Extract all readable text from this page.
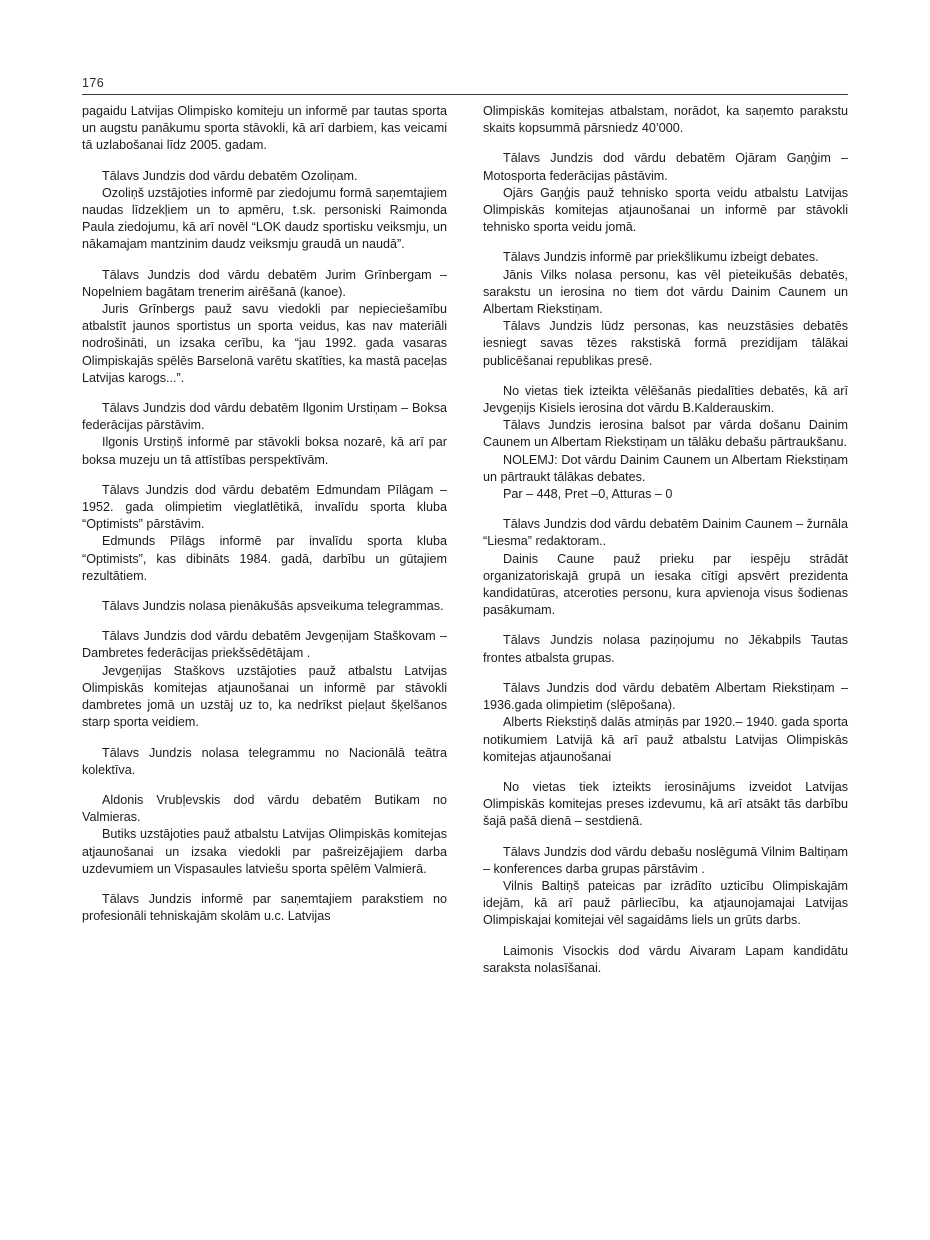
176

pagaidu Latvijas Olimpisko komiteju un informē par tautas sporta un augstu panākumu sporta stāvokli, kā arī darbiem, kas veicami tā uzlabošanai līdz 2005. gadam.

Tālavs Jundzis dod vārdu debatēm Ozoliņam.

Ozoliņš uzstājoties informē par ziedojumu formā saņemtajiem naudas līdzekļiem un to apmēru, t.sk. personiski Raimonda Paula ziedojumu, kā arī novēl “LOK daudz sportisku veiksmju, un nākamajam mantzinim daudz veiksmju graudā un naudā”.

Tālavs Jundzis dod vārdu debatēm Jurim Grīnbergam – Nopelniem bagātam trenerim airēšanā (kanoe).

Juris Grīnbergs pauž savu viedokli par nepieciešamību atbalstīt jaunos sportistus un sporta veidus, kas nav materiāli nodrošināti, un izsaka cerību, ka “jau 1992. gada vasaras Olimpiskajās spēlēs Barselonā varētu skatīties, ka mastā paceļas Latvijas karogs...”.

Tālavs Jundzis dod vārdu debatēm Ilgonim Urstiņam – Boksa federācijas pārstāvim.

Ilgonis Urstiņš informē par stāvokli boksa nozarē, kā arī par boksa muzeju un tā attīstības perspektīvām.

Tālavs Jundzis dod vārdu debatēm Edmundam Pīlāgam – 1952. gada olimpietim vieglatlētikā, invalīdu sporta kluba “Optimists” pārstāvim.

Edmunds Pīlāgs informē par invalīdu sporta kluba “Optimists”, kas dibināts 1984. gadā, darbību un gūtajiem rezultātiem.

Tālavs Jundzis nolasa pienākušās apsveikuma telegrammas.

Tālavs Jundzis dod vārdu debatēm Jevgeņijam Staškovam – Dambretes federācijas priekšsēdētājam .

Jevgeņijas Staškovs uzstājoties pauž atbalstu Latvijas Olimpiskās komitejas atjaunošanai un informē par stāvokli dambretes jomā un uzstāj uz to, ka nedrīkst pieļaut šķelšanos starp sporta veidiem.

Tālavs Jundzis nolasa telegrammu no Nacionālā teātra kolektīva.

Aldonis Vrubļevskis dod vārdu debatēm Butikam no Valmieras.

Butiks uzstājoties pauž atbalstu Latvijas Olimpiskās komitejas atjaunošanai un izsaka viedokli par pašreizējajiem darba uzdevumiem un Vispasaules latviešu sporta spēlēm Valmierā.

Tālavs Jundzis informē par saņemtajiem parakstiem no profesionāli tehniskajām skolām u.c. Latvijas

Olimpiskās komitejas atbalstam, norādot, ka saņemto parakstu skaits kopsummā pārsniedz 40’000.

Tālavs Jundzis dod vārdu debatēm Ojāram Gaņģim – Motosporta federācijas pāstāvim.

Ojārs Gaņģis pauž tehnisko sporta veidu atbalstu Latvijas Olimpiskās komitejas atjaunošanai un informē par stāvokli tehnisko sporta veidu jomā.

Tālavs Jundzis informē par priekšlikumu izbeigt debates.

Jānis Vilks nolasa personu, kas vēl pieteikušās debatēs, sarakstu un ierosina no tiem dot vārdu Dainim Caunem un Albertam Riekstiņam.

Tālavs Jundzis lūdz personas, kas neuzstāsies debatēs iesniegt savas tēzes rakstiskā formā prezidijam tālākai publicēšanai republikas presē.

No vietas tiek izteikta vēlēšanās piedalīties debatēs, kā arī Jevgeņijs Kisiels ierosina dot vārdu B.Kalderauskim.

Tālavs Jundzis ierosina balsot par vārda došanu Dainim Caunem un Albertam Riekstiņam un tālāku debašu pārtraukšanu.

NOLEMJ: Dot vārdu Dainim Caunem un Albertam Riekstiņam un pārtraukt tālākas debates.

Par – 448, Pret –0, Atturas – 0

Tālavs Jundzis dod vārdu debatēm Dainim Caunem – žurnāla “Liesma” redaktoram..

Dainis Caune pauž prieku par iespēju strādāt organizatoriskajā grupā un iesaka cītīgi apsvērt prezidenta kandidatūras, atceroties personu, kura apvienoja visus šodienas pasākumam.

Tālavs Jundzis nolasa paziņojumu no Jēkabpils Tautas frontes atbalsta grupas.

Tālavs Jundzis dod vārdu debatēm Albertam Riekstiņam – 1936.gada olimpietim (slēpošana).

Alberts Riekstiņš dalās atmiņās par 1920.– 1940. gada sporta notikumiem Latvijā kā arī pauž atbalstu Latvijas Olimpiskās komitejas atjaunošanai

No vietas tiek izteikts ierosinājums izveidot Latvijas Olimpiskās komitejas preses izdevumu, kā arī atsākt tās darbību šajā pašā dienā – sestdienā.

Tālavs Jundzis dod vārdu debašu noslēgumā Vilnim Baltiņam – konferences darba grupas pārstāvim .

Vilnis Baltiņš pateicas par izrādīto uzticību Olimpiskajām idejām, kā arī pauž pārliecību, ka atjaunojamajai Latvijas Olimpiskajai komitejai vēl sagaidāms liels un grūts darbs.

Laimonis Visockis dod vārdu Aivaram Lapam kandidātu saraksta nolasīšanai.
